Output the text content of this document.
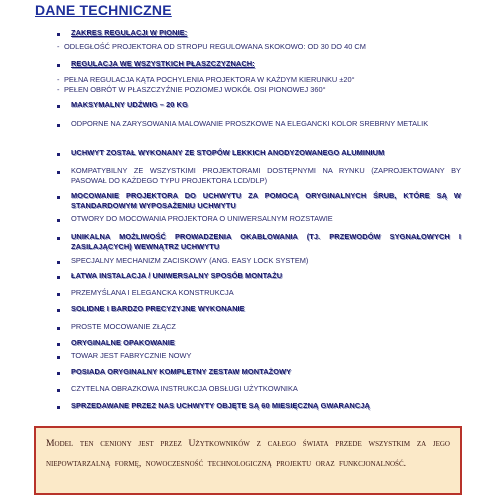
DANE TECHNICZNE
ZAKRES REGULACJI W PIONIE:
- ODLEGŁOŚĆ PROJEKTORA OD STROPU REGULOWANA SKOKOWO: OD 30 DO 40 CM
REGULACJA WE WSZYSTKICH PŁASZCZYZNACH:
- PEŁNA REGULACJA KĄTA POCHYLENIA PROJEKTORA W KAŻDYM KIERUNKU ±20°
- PEŁEN OBRÓT W PŁASZCZYŹNIE POZIOMEJ WOKÓŁ OSI PIONOWEJ 360°
MAKSYMALNY UDŹWIG – 20 KG
ODPORNE NA ZARYSOWANIA MALOWANIE PROSZKOWE NA ELEGANCKI KOLOR SREBRNY METALIK
UCHWYT ZOSTAŁ WYKONANY ZE STOPÓW LEKKICH ANODYZOWANEGO ALUMINIUM
KOMPATYBILNY ZE WSZYSTKIMI PROJEKTORAMI DOSTĘPNYMI NA RYNKU (ZAPROJEKTOWANY BY PASOWAŁ DO KAŻDEGO TYPU PROJEKTORA LCD/DLP)
MOCOWANIE PROJEKTORA DO UCHWYTU ZA POMOCĄ ORYGINALNYCH ŚRUB, KTÓRE SĄ W STANDARDOWYM WYPOSAŻENIU UCHWYTU
OTWORY DO MOCOWANIA PROJEKTORA O UNIWERSALNYM ROZSTAWIE
UNIKALNA MOŻLIWOŚĆ PROWADZENIA OKABLOWANIA (TJ. PRZEWODÓW SYGNAŁOWYCH I ZASILAJĄCYCH) WEWNĄTRZ UCHWYTU
SPECJALNY MECHANIZM ZACISKOWY (ANG. EASY LOCK SYSTEM)
ŁATWA INSTALACJA / UNIWERSALNY SPOSÓB MONTAŻU
PRZEMYŚLANA I ELEGANCKA KONSTRUKCJA
SOLIDNE I BARDZO PRECYZYJNE WYKONANIE
PROSTE MOCOWANIE ZŁĄCZ
ORYGINALNE OPAKOWANIE
TOWAR JEST FABRYCZNIE NOWY
POSIADA ORYGINALNY KOMPLETNY ZESTAW MONTAŻOWY
CZYTELNA OBRAZKOWA INSTRUKCJA OBSŁUGI UŻYTKOWNIKA
SPRZEDAWANE PRZEZ NAS UCHWYTY OBJĘTE SĄ 60 MIESIĘCZNĄ GWARANCJĄ

Model ten ceniony jest przez Użytkowników z całego świata przede wszystkim za jego niepowtarzalną formę, nowoczesność technologiczną projektu oraz funkcjonalność.
